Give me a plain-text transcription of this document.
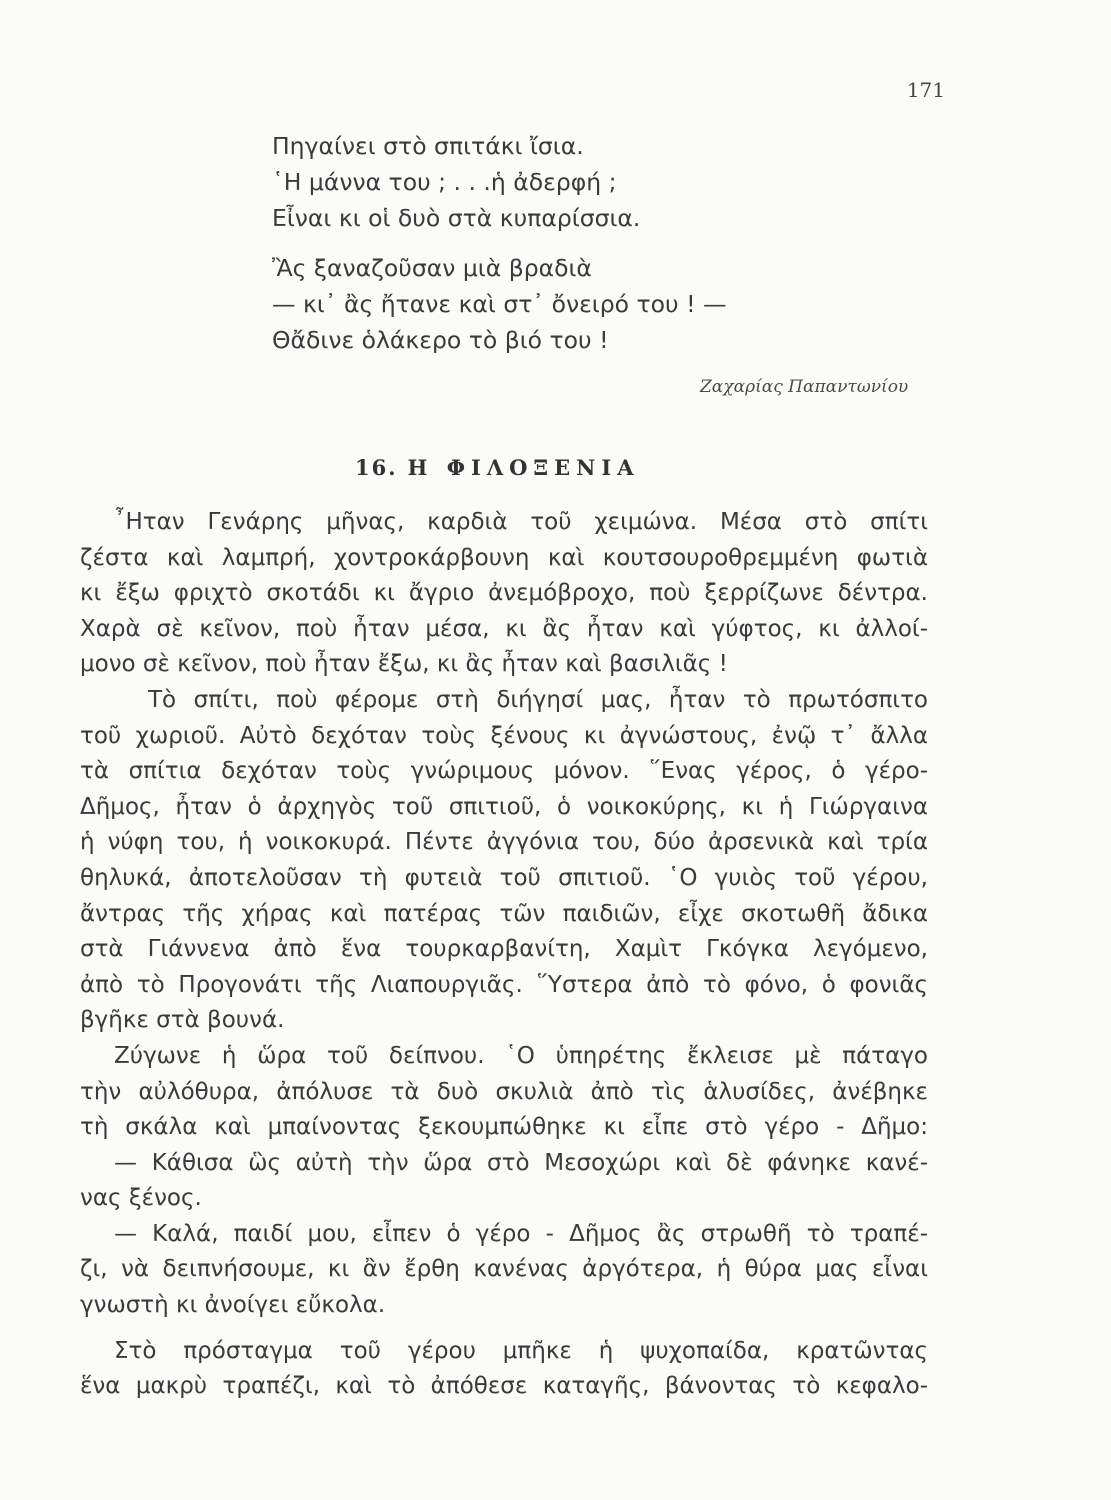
171
Πηγαίνει στὸ σπιτάκι ἴσια.
῾Η μάννα του ; . . .ἡ ἀδερφή ;
Εἶναι κι οἱ δυὸ στὰ κυπαρίσσια.
Ἂς ξαναζοῦσαν μιὰ βραδιὰ
— κι᾿ ἂς ἤτανε καὶ στ᾿ ὄνειρό του ! —
Θἄδινε ὁλάκερο τὸ βιό του !
Ζαχαρίας Παπαντωνίου
16. Η ΦΙΛΟΞΕΝΙΑ
῏Ηταν Γενάρης μῆνας, καρδιὰ τοῦ χειμώνα. Μέσα στὸ σπίτι
ζέστα καὶ λαμπρή, χοντροκάρβουνη καὶ κουτσουροθρεμμένη φωτιὰ
κι ἔξω φριχτὸ σκοτάδι κι ἄγριο ἀνεμόβροχο, ποὺ ξερρίζωνε δέντρα.
Χαρὰ σὲ κεῖνον, ποὺ ἦταν μέσα, κι ἂς ἦταν καὶ γύφτος, κι ἀλλοί-
μονο σὲ κεῖνον, ποὺ ἦταν ἔξω, κι ἂς ἦταν καὶ βασιλιᾶς !
Τὸ σπίτι, ποὺ φέρομε στὴ διήγησί μας, ἦταν τὸ πρωτόσπιτο
τοῦ χωριοῦ. Αὐτὸ δεχόταν τοὺς ξένους κι ἀγνώστους, ἐνῷ τ᾿ ἄλλα
τὰ σπίτια δεχόταν τοὺς γνώριμους μόνον. ῞Ενας γέρος, ὁ γέρο-
Δῆμος, ἦταν ὁ ἀρχηγὸς τοῦ σπιτιοῦ, ὁ νοικοκύρης, κι ἡ Γιώργαινα
ἡ νύφη του, ἡ νοικοκυρά. Πέντε ἀγγόνια του, δύο ἀρσενικὰ καὶ τρία
θηλυκά, ἀποτελοῦσαν τὴ φυτειὰ τοῦ σπιτιοῦ. ῾Ο γυιὸς τοῦ γέρου,
ἄντρας τῆς χήρας καὶ πατέρας τῶν παιδιῶν, εἶχε σκοτωθῆ ἄδικα
στὰ Γιάννενα ἀπὸ ἕνα τουρκαρβανίτη, Χαμὶτ Γκόγκα λεγόμενο,
ἀπὸ τὸ Προγονάτι τῆς Λιαπουργιᾶς. ῞Υστερα ἀπὸ τὸ φόνο, ὁ φονιᾶς
βγῆκε στὰ βουνά.
Ζύγωνε ἡ ὥρα τοῦ δείπνου. ῾Ο ὑπηρέτης ἔκλεισε μὲ πάταγο
τὴν αὐλόθυρα, ἀπόλυσε τὰ δυὸ σκυλιὰ ἀπὸ τὶς ἁλυσίδες, ἀνέβηκε
τὴ σκάλα καὶ μπαίνοντας ξεκουμπώθηκε κι εἶπε στὸ γέρο - Δῆμο:
— Κάθισα ὣς αὐτὴ τὴν ὥρα στὸ Μεσοχώρι καὶ δὲ φάνηκε κανέ-
νας ξένος.
— Καλά, παιδί μου, εἶπεν ὁ γέρο - Δῆμος ἂς στρωθῆ τὸ τραπέ-
ζι, νὰ δειπνήσουμε, κι ἂν ἔρθη κανένας ἀργότερα, ἡ θύρα μας εἶναι
γνωστὴ κι ἀνοίγει εὔκολα.
Στὸ πρόσταγμα τοῦ γέρου μπῆκε ἡ ψυχοπαίδα, κρατῶντας
ἕνα μακρὺ τραπέζι, καὶ τὸ ἀπόθεσε καταγῆς, βάνοντας τὸ κεφαλο-
